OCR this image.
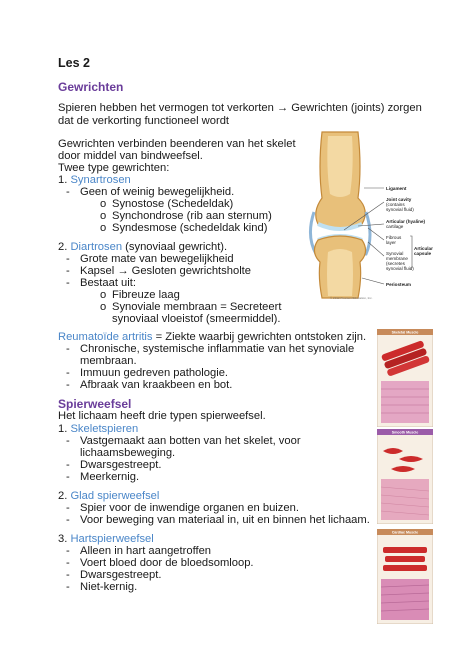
Les 2
Gewrichten
Spieren hebben het vermogen tot verkorten → Gewrichten (joints) zorgen
dat de verkorting functioneel wordt
Gewrichten verbinden beenderen van het skelet
door middel van bindweefsel.
Twee type gewrichten:
1. Synartrosen
- Geen of weinig bewegelijkheid.
o Synostose (Schedeldak)
o Synchondrose (rib aan sternum)
o Syndesmose (schedeldak kind)
2. Diartrosen (synoviaal gewricht).
- Grote mate van bewegelijkheid
- Kapsel → Gesloten gewrichtsholte
- Bestaat uit:
o Fibreuze laag
o Synoviale membraan = Secreteert
synoviaal vloeistof (smeermiddel).
Reumatoïde artritis = Ziekte waarbij gewrichten ontstoken zijn.
- Chronische, systemische inflammatie van het synoviale
membraan.
- Immuun gedreven pathologie.
- Afbraak van kraakbeen en bot.
Spierweefsel
Het lichaam heeft drie typen spierweefsel.
1. Skeletspieren
- Vastgemaakt aan botten van het skelet, voor
lichaamsbeweging.
- Dwarsgestreept.
- Meerkernig.
2. Glad spierweefsel
- Spier voor de inwendige organen en buizen.
- Voor beweging van materiaal in, uit en binnen het lichaam.
3. Hartspierweefsel
- Alleen in hart aangetroffen
- Voert bloed door de bloedsomloop.
- Dwarsgestreept.
- Niet-kernig.
Ligament
Joint cavity
(contains
synovial fluid)
Articular (hyaline)
cartilage
Fibrous
layer
Synovial
membrane
(secretes
synovial fluid)
Articular
capsule
Periosteum
© 2012 Pearson Education, Inc.
Skeletal Muscle
Smooth Muscle
Cardiac Muscle
